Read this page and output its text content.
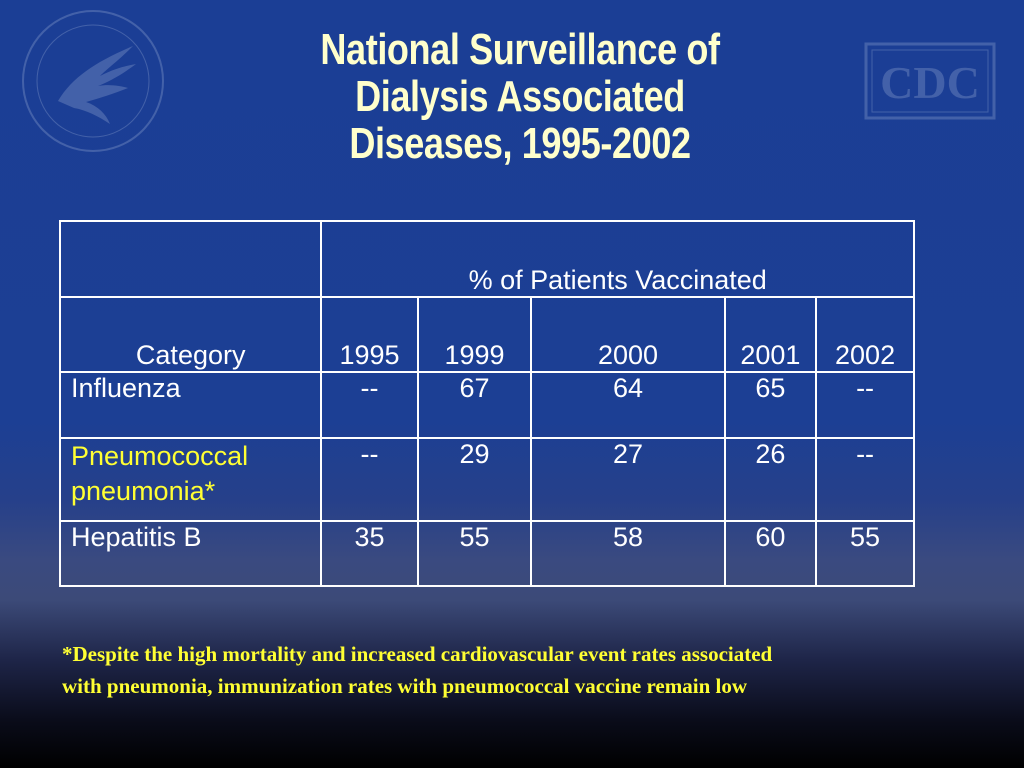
CDC
National Surveillance of
Dialysis Associated
Diseases, 1995-2002
	% of Patients Vaccinated				
Category	1995	1999	2000	2001	2002
Influenza	--	67	64	65	--
Pneumococcal
pneumonia*	--	29	27	26	--
Hepatitis B	35	55	58	60	55

*Despite the high mortality and increased cardiovascular event rates associated
with pneumonia, immunization rates with pneumococcal vaccine remain low
